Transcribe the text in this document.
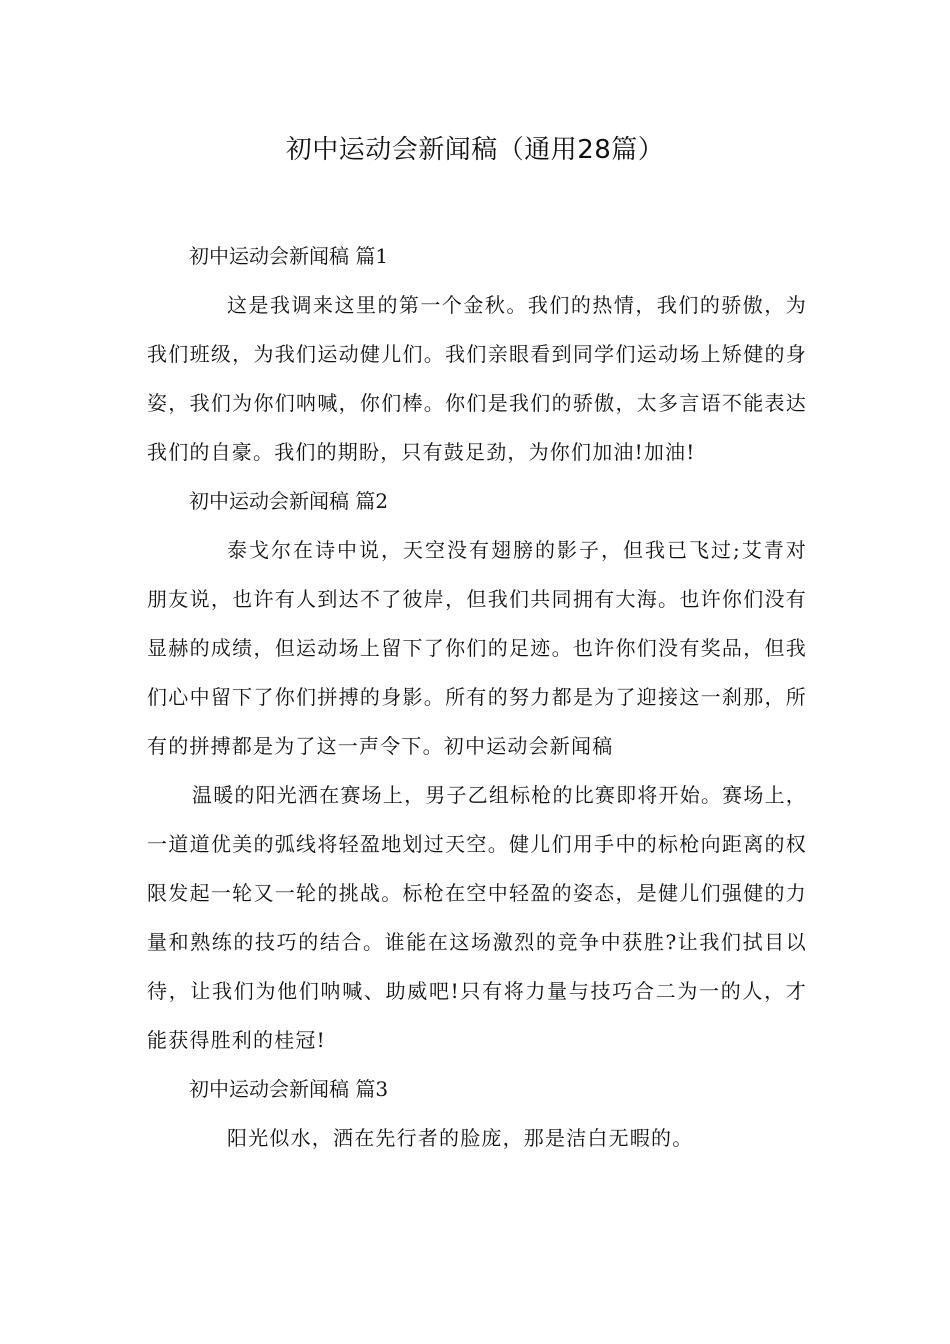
初中运动会新闻稿（通用28篇）
初中运动会新闻稿 篇1

这是我调来这里的第一个金秋。我们的热情，我们的骄傲，为我们班级，为我们运动健儿们。我们亲眼看到同学们运动场上矫健的身姿，我们为你们呐喊，你们棒。你们是我们的骄傲，太多言语不能表达我们的自豪。我们的期盼，只有鼓足劲，为你们加油!加油!

初中运动会新闻稿 篇2

泰戈尔在诗中说，天空没有翅膀的影子，但我已飞过;艾青对朋友说，也许有人到达不了彼岸，但我们共同拥有大海。也许你们没有显赫的成绩，但运动场上留下了你们的足迹。也许你们没有奖品，但我们心中留下了你们拼搏的身影。所有的努力都是为了迎接这一刹那，所有的拼搏都是为了这一声令下。初中运动会新闻稿

温暖的阳光洒在赛场上，男子乙组标枪的比赛即将开始。赛场上，一道道优美的弧线将轻盈地划过天空。健儿们用手中的标枪向距离的权限发起一轮又一轮的挑战。标枪在空中轻盈的姿态，是健儿们强健的力量和熟练的技巧的结合。谁能在这场激烈的竞争中获胜?让我们拭目以待，让我们为他们呐喊、助威吧!只有将力量与技巧合二为一的人，才能获得胜利的桂冠!

初中运动会新闻稿 篇3

阳光似水，洒在先行者的脸庞，那是洁白无暇的。
